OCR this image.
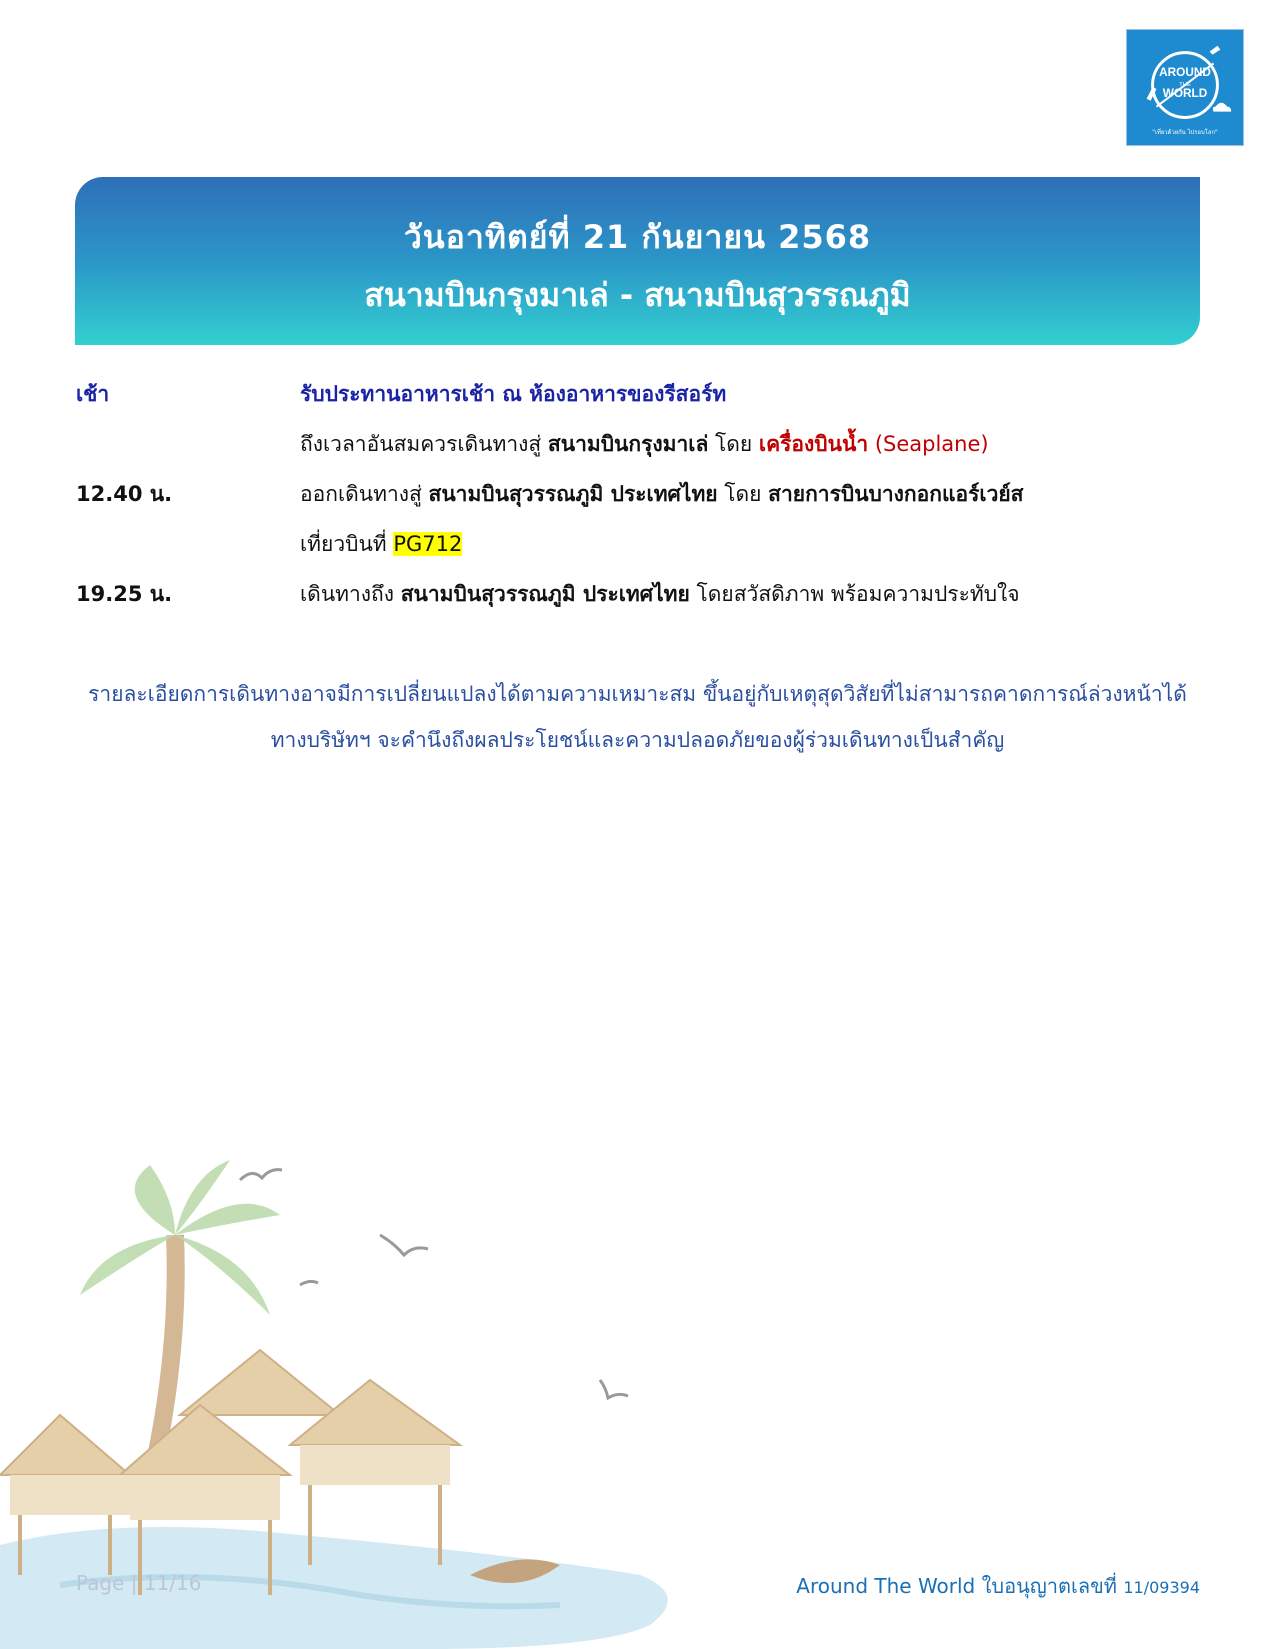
AROUND
THE
WORLD
"เที่ยวด้วยกัน ไปรอบโลก"
วันอาทิตย์ที่ 21 กันยายน 2568
สนามบินกรุงมาเล่ - สนามบินสุวรรณภูมิ
เช้า	รับประทานอาหารเช้า ณ ห้องอาหารของรีสอร์ท
ถึงเวลาอันสมควรเดินทางสู่ สนามบินกรุงมาเล่ โดย เครื่องบินน้ำ (Seaplane)
12.40 น.	ออกเดินทางสู่ สนามบินสุวรรณภูมิ ประเทศไทย โดย สายการบินบางกอกแอร์เวย์ส
เที่ยวบินที่ PG712
19.25 น.	เดินทางถึง สนามบินสุวรรณภูมิ ประเทศไทย โดยสวัสดิภาพ พร้อมความประทับใจ
รายละเอียดการเดินทางอาจมีการเปลี่ยนแปลงได้ตามความเหมาะสม ขึ้นอยู่กับเหตุสุดวิสัยที่ไม่สามารถคาดการณ์ล่วงหน้าได้
ทางบริษัทฯ จะคำนึงถึงผลประโยชน์และความปลอดภัยของผู้ร่วมเดินทางเป็นสำคัญ
Page | 11/16	Around The World ใบอนุญาตเลขที่ 11/09394
